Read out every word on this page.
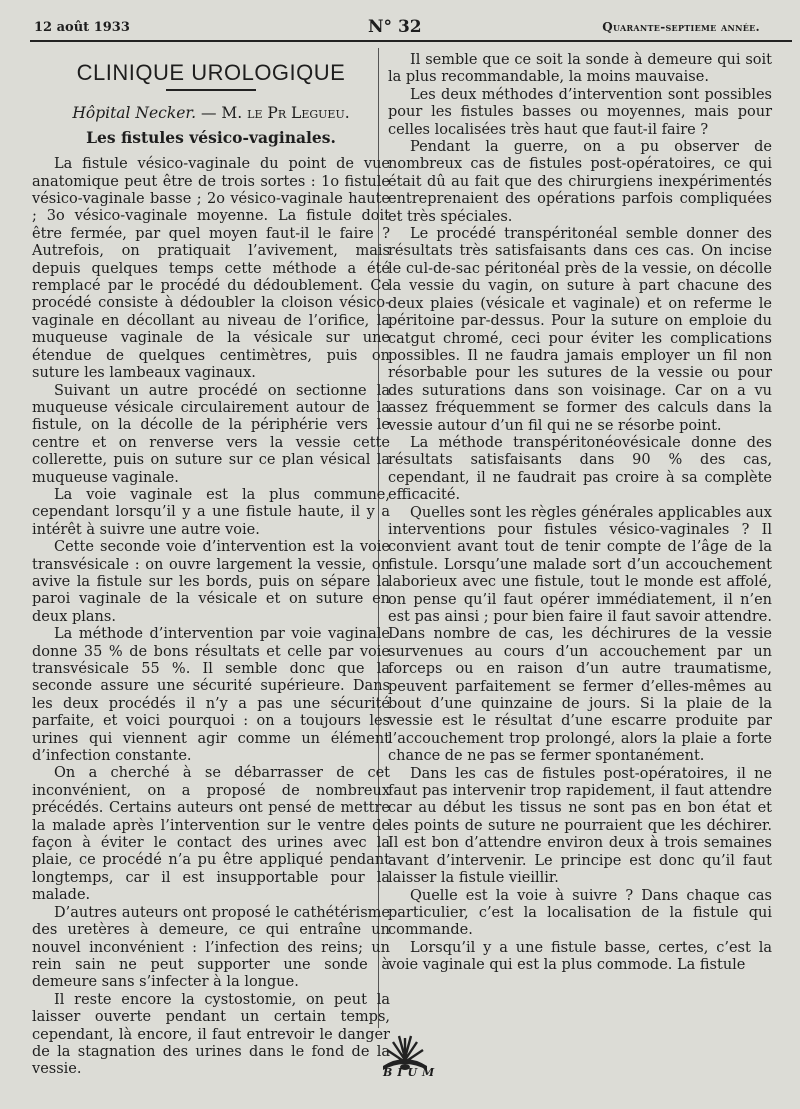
12 août 1933	N° 32	Quarante-septieme année.
CLINIQUE UROLOGIQUE
Hôpital Necker. — M. le Pr Legueu.
Les fistules vésico-vaginales.

La fistule vésico-vaginale du point de vue anatomique peut être de trois sortes : 1o fistule vésico-vaginale basse ; 2o vésico-vaginale haute ; 3o vésico-vaginale moyenne. La fistule doit être fermée, par quel moyen faut-il le faire ? Autrefois, on pratiquait l’avivement, mais depuis quelques temps cette méthode a été remplacé par le procédé du dédoublement. Ce procédé consiste à dédoubler la cloison vésico-vaginale en décollant au niveau de l’orifice, la muqueuse vaginale de la vésicale sur une étendue de quelques centimètres, puis on suture les lambeaux vaginaux.

Suivant un autre procédé on sectionne la muqueuse vésicale circulairement autour de la fistule, on la décolle de la périphérie vers le centre et on renverse vers la vessie cette collerette, puis on suture sur ce plan vésical la muqueuse vaginale.

La voie vaginale est la plus commune, cependant lorsqu’il y a une fistule haute, il y a intérêt à suivre une autre voie.

Cette seconde voie d’intervention est la voie transvésicale : on ouvre largement la vessie, on avive la fistule sur les bords, puis on sépare la paroi vaginale de la vésicale et on suture en deux plans.

La méthode d’intervention par voie vaginale donne 35 % de bons résultats et celle par voie transvésicale 55 %. Il semble donc que la seconde assure une sécurité supérieure. Dans les deux procédés il n’y a pas une sécurité parfaite, et voici pourquoi : on a toujours les urines qui viennent agir comme un élément d’infection constante.

On a cherché à se débarrasser de cet inconvénient, on a proposé de nombreux précédés. Certains auteurs ont pensé de mettre la malade après l’intervention sur le ventre de façon à éviter le contact des urines avec la plaie, ce procédé n’a pu être appliqué pendant longtemps, car il est insupportable pour la malade.

D’autres auteurs ont proposé le cathétérisme des uretères à demeure, ce qui entraîne un nouvel inconvénient : l’infection des reins; un rein sain ne peut supporter une sonde à demeure sans s’infecter à la longue.

Il reste encore la cystostomie, on peut la laisser ouverte pendant un certain temps, cependant, là encore, il faut entrevoir le danger de la stagnation des urines dans le fond de la vessie.

Il semble que ce soit la sonde à demeure qui soit la plus recommandable, la moins mauvaise.

Les deux méthodes d’intervention sont possibles pour les fistules basses ou moyennes, mais pour celles localisées très haut que faut-il faire ?

Pendant la guerre, on a pu observer de nombreux cas de fistules post-opératoires, ce qui était dû au fait que des chirurgiens inexpérimentés entreprenaient des opérations parfois compliquées et très spéciales.

Le procédé transpéritonéal semble donner des résultats très satisfaisants dans ces cas. On incise le cul-de-sac péritonéal près de la vessie, on décolle la vessie du vagin, on suture à part chacune des deux plaies (vésicale et vaginale) et on referme le péritoine par-dessus. Pour la suture on emploie du catgut chromé, ceci pour éviter les complications possibles. Il ne faudra jamais employer un fil non résorbable pour les sutures de la vessie ou pour des suturations dans son voisinage. Car on a vu assez fréquemment se former des calculs dans la vessie autour d’un fil qui ne se résorbe point.

La méthode transpéritonéovésicale donne des résultats satisfaisants dans 90 % des cas, cependant, il ne faudrait pas croire à sa complète efficacité.

Quelles sont les règles générales applicables aux interventions pour fistules vésico-vaginales ? Il convient avant tout de tenir compte de l’âge de la fistule. Lorsqu’une malade sort d’un accouchement laborieux avec une fistule, tout le monde est affolé, on pense qu’il faut opérer immédiatement, il n’en est pas ainsi ; pour bien faire il faut savoir attendre. Dans nombre de cas, les déchirures de la vessie survenues au cours d’un accouchement par un forceps ou en raison d’un autre traumatisme, peuvent parfaitement se fermer d’elles-mêmes au bout d’une quinzaine de jours. Si la plaie de la vessie est le résultat d’une escarre produite par l’accouchement trop prolongé, alors la plaie a forte chance de ne pas se fermer spontanément.

Dans les cas de fistules post-opératoires, il ne faut pas intervenir trop rapidement, il faut attendre car au début les tissus ne sont pas en bon état et les points de suture ne pourraient que les déchirer. Il est bon d’attendre environ deux à trois semaines avant d’intervenir. Le principe est donc qu’il faut laisser la fistule vieillir.

Quelle est la voie à suivre ? Dans chaque cas particulier, c’est la localisation de la fistule qui commande.

Lorsqu’il y a une fistule basse, certes, c’est la voie vaginale qui est la plus commode. La fistule

BIUM
